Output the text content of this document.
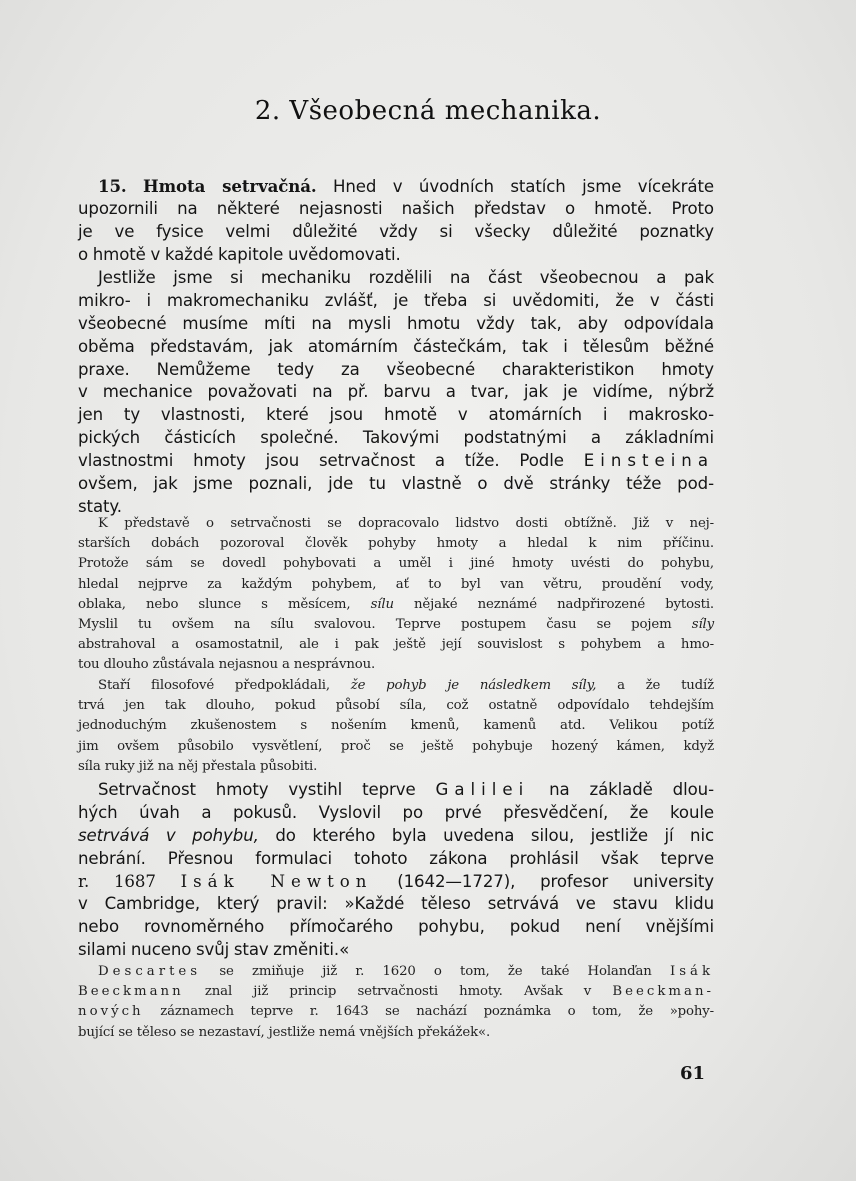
2. Všeobecná mechanika.
15. Hmota setrvačná. Hned v úvodních statích jsme vícekráte
upozornili na některé nejasnosti našich představ o hmotě. Proto
je ve fysice velmi důležité vždy si všecky důležité poznatky
o hmotě v každé kapitole uvědomovati.
Jestliže jsme si mechaniku rozdělili na část všeobecnou a pak
mikro- i makromechaniku zvlášť, je třeba si uvědomiti, že v části
všeobecné musíme míti na mysli hmotu vždy tak, aby odpovídala
oběma představám, jak atomárním částečkám, tak i tělesům běžné
praxe. Nemůžeme tedy za všeobecné charakteristikon hmoty
v mechanice považovati na př. barvu a tvar, jak je vidíme, nýbrž
jen ty vlastnosti, které jsou hmotě v atomárních i makrosko-
pických částicích společné. Takovými podstatnými a základními
vlastnostmi hmoty jsou setrvačnost a tíže. Podle Einsteina
ovšem, jak jsme poznali, jde tu vlastně o dvě stránky téže pod-
staty.
K představě o setrvačnosti se dopracovalo lidstvo dosti obtížně. Již v nej-
starších dobách pozoroval člověk pohyby hmoty a hledal k nim příčinu.
Protože sám se dovedl pohybovati a uměl i jiné hmoty uvésti do pohybu,
hledal nejprve za každým pohybem, ať to byl van větru, proudění vody,
oblaka, nebo slunce s měsícem, sílu nějaké neznámé nadpřirozené bytosti.
Myslil tu ovšem na sílu svalovou. Teprve postupem času se pojem síly
abstrahoval a osamostatnil, ale i pak ještě její souvislost s pohybem a hmo-
tou dlouho zůstávala nejasnou a nesprávnou.
Staří filosofové předpokládali, že pohyb je následkem síly, a že tudíž
trvá jen tak dlouho, pokud působí síla, což ostatně odpovídalo tehdejším
jednoduchým zkušenostem s nošením kmenů, kamenů atd. Velikou potíž
jim ovšem působilo vysvětlení, proč se ještě pohybuje hozený kámen, když
síla ruky již na něj přestala působiti.
Setrvačnost hmoty vystihl teprve Galilei na základě dlou-
hých úvah a pokusů. Vyslovil po prvé přesvědčení, že koule
setrvává v pohybu, do kterého byla uvedena silou, jestliže jí nic
nebrání. Přesnou formulaci tohoto zákona prohlásil však teprve
r. 1687 Isák Newton (1642—1727), profesor university
v Cambridge, který pravil: »Každé těleso setrvává ve stavu klidu
nebo rovnoměrného přímočarého pohybu, pokud není vnějšími
silami nuceno svůj stav změniti.«
Descartes se zmiňuje již r. 1620 o tom, že také Holanďan Isák
Beeckmann znal již princip setrvačnosti hmoty. Avšak v Beeckman-
nových záznamech teprve r. 1643 se nachází poznámka o tom, že »pohy-
bující se těleso se nezastaví, jestliže nemá vnějších překážek«.
61
